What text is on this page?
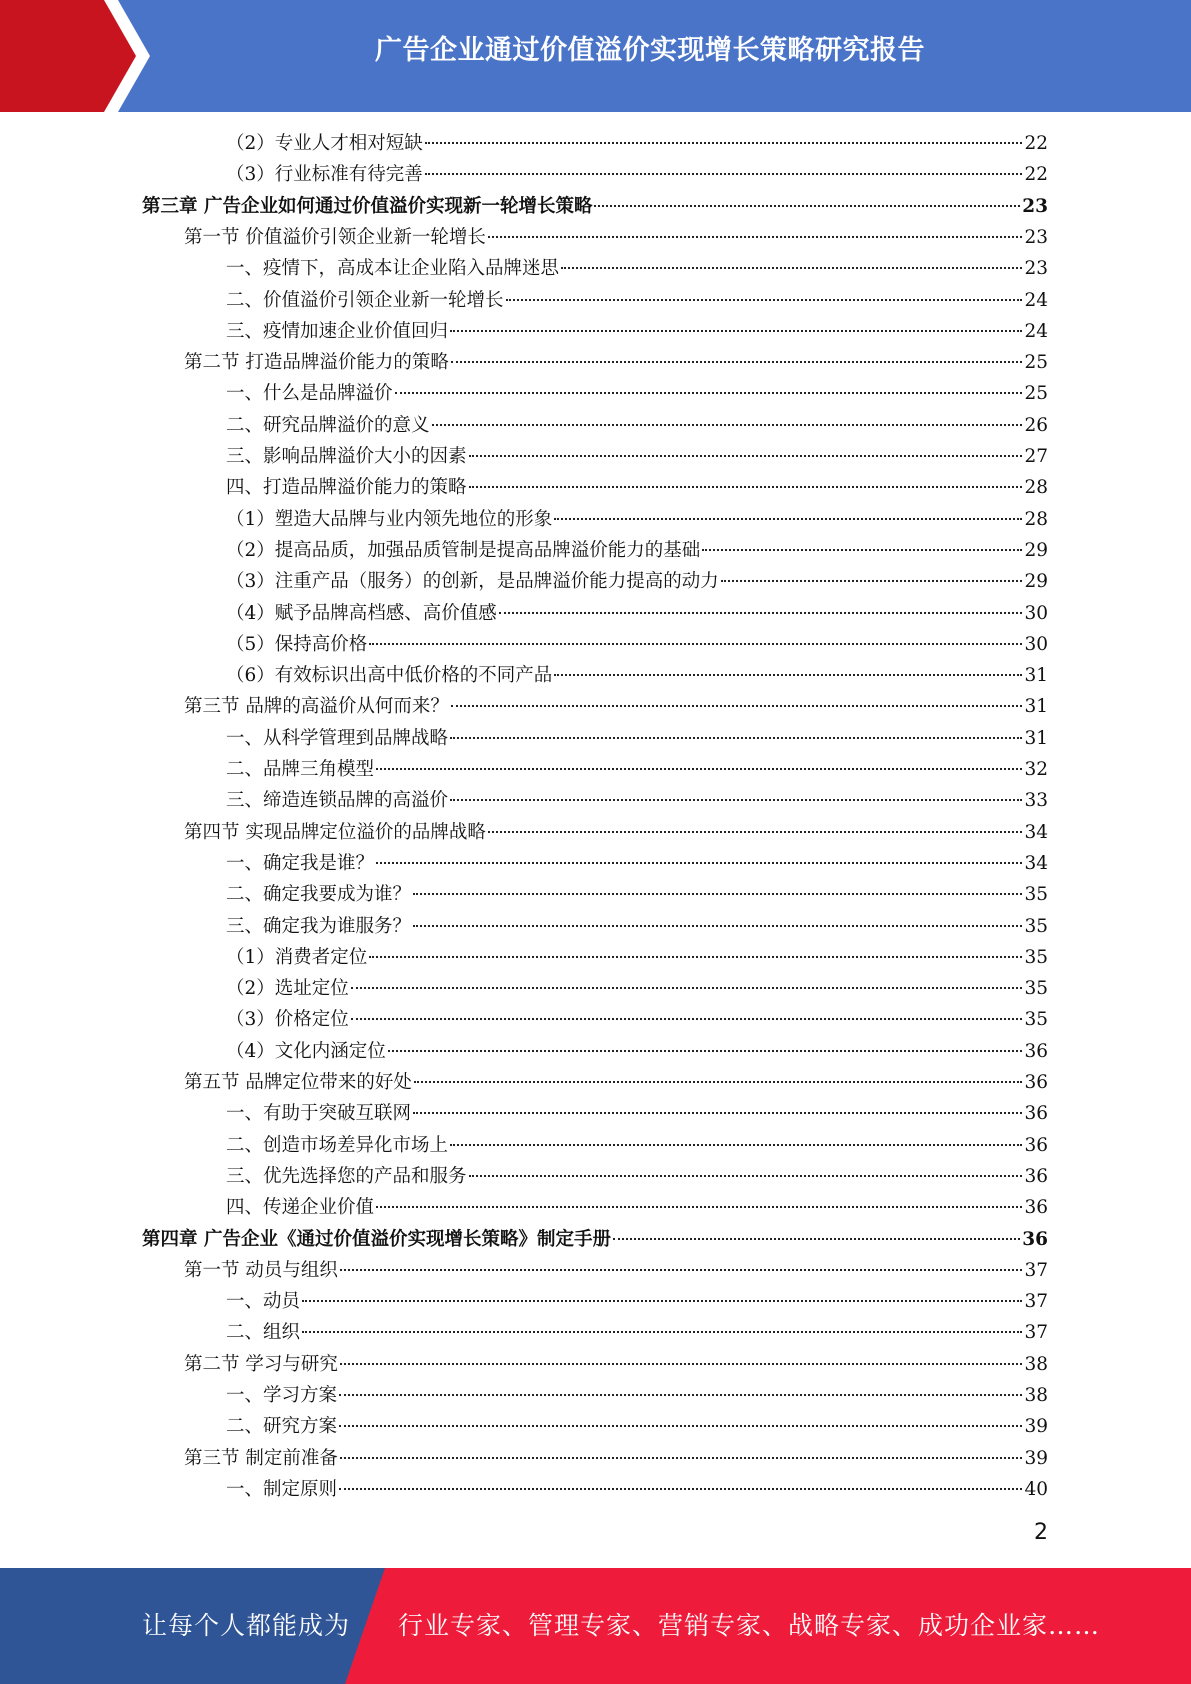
广告企业通过价值溢价实现增长策略研究报告
（2）专业人才相对短缺	22
（3）行业标准有待完善	22
第三章 广告企业如何通过价值溢价实现新一轮增长策略	23
第一节 价值溢价引领企业新一轮增长	23
一、疫情下，高成本让企业陷入品牌迷思	23
二、价值溢价引领企业新一轮增长	24
三、疫情加速企业价值回归	24
第二节 打造品牌溢价能力的策略	25
一、什么是品牌溢价	25
二、研究品牌溢价的意义	26
三、影响品牌溢价大小的因素	27
四、打造品牌溢价能力的策略	28
（1）塑造大品牌与业内领先地位的形象	28
（2）提高品质，加强品质管制是提高品牌溢价能力的基础	29
（3）注重产品（服务）的创新，是品牌溢价能力提高的动力	29
（4）赋予品牌高档感、高价值感	30
（5）保持高价格	30
（6）有效标识出高中低价格的不同产品	31
第三节 品牌的高溢价从何而来？	31
一、从科学管理到品牌战略	31
二、品牌三角模型	32
三、缔造连锁品牌的高溢价	33
第四节 实现品牌定位溢价的品牌战略	34
一、确定我是谁？	34
二、确定我要成为谁？	35
三、确定我为谁服务？	35
（1）消费者定位	35
（2）选址定位	35
（3）价格定位	35
（4）文化内涵定位	36
第五节 品牌定位带来的好处	36
一、有助于突破互联网	36
二、创造市场差异化市场上	36
三、优先选择您的产品和服务	36
四、传递企业价值	36
第四章 广告企业《通过价值溢价实现增长策略》制定手册	36
第一节 动员与组织	37
一、动员	37
二、组织	37
第二节 学习与研究	38
一、学习方案	38
二、研究方案	39
第三节 制定前准备	39
一、制定原则	40
2
让每个人都能成为 行业专家、管理专家、营销专家、战略专家、成功企业家……
